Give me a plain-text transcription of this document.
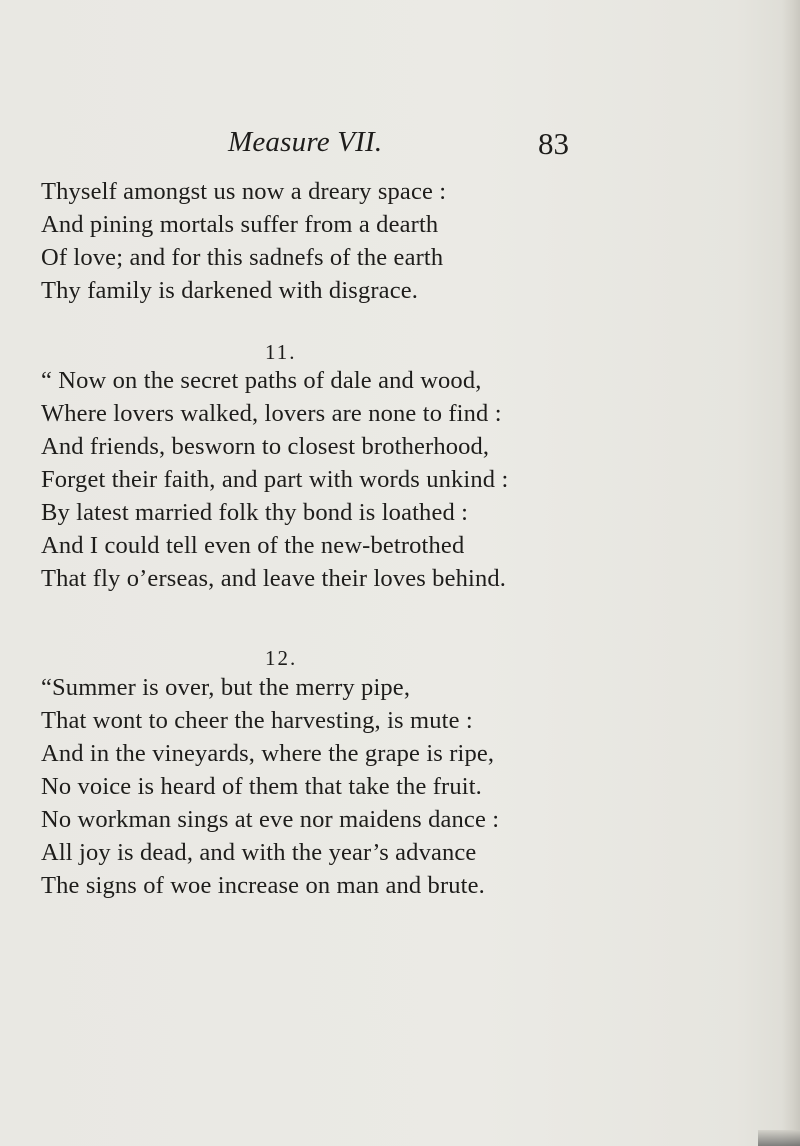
Measure VII.	83
Thyself amongst us now a dreary space :
And pining mortals suffer from a dearth
Of love; and for this sadnefs of the earth
Thy family is darkened with disgrace.
11.
“ Now on the secret paths of dale and wood,
Where lovers walked, lovers are none to find :
And friends, besworn to closest brotherhood,
Forget their faith, and part with words unkind :
By latest married folk thy bond is loathed :
And I could tell even of the new-betrothed
That fly o’erseas, and leave their loves behind.
12.
“Summer is over, but the merry pipe,
That wont to cheer the harvesting, is mute :
And in the vineyards, where the grape is ripe,
No voice is heard of them that take the fruit.
No workman sings at eve nor maidens dance :
All joy is dead, and with the year’s advance
The signs of woe increase on man and brute.
